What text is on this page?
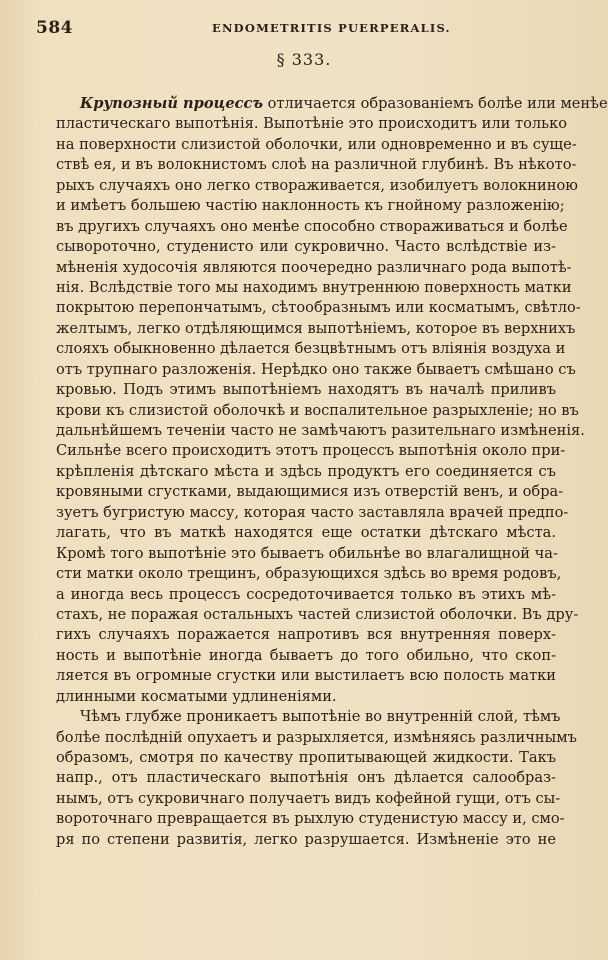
584	ENDOMETRITIS PUERPERALIS.
§ 333.
Крупозный процессъ отличается образованіемъ болѣе или менѣе
пластическаго выпотѣнія. Выпотѣніе это происходитъ или только
на поверхности слизистой оболочки, или одновременно и въ суще-
ствѣ ея, и въ волокнистомъ слоѣ на различной глубинѣ. Въ нѣкото-
рыхъ случаяхъ оно легко створаживается, изобилуетъ волокниною
и имѣетъ большею частію наклонность къ гнойному разложенію;
въ другихъ случаяхъ оно менѣе способно створаживаться и болѣе
сывороточно, студенисто или сукровично. Часто вслѣдствіе из-
мѣненія худосочія являются поочередно различнаго рода выпотѣ-
нія. Вслѣдствіе того мы находимъ внутреннюю поверхность матки
покрытою перепончатымъ, сѣтообразнымъ или косматымъ, свѣтло-
желтымъ, легко отдѣляющимся выпотѣніемъ, которое въ верхнихъ
слояхъ обыкновенно дѣлается безцвѣтнымъ отъ вліянія воздуха и
отъ трупнаго разложенія. Нерѣдко оно также бываетъ смѣшано съ
кровью. Подъ этимъ выпотѣніемъ находятъ въ началѣ приливъ
крови къ слизистой оболочкѣ и воспалительное разрыхленіе; но въ
дальнѣйшемъ теченіи часто не замѣчаютъ разительнаго измѣненія.
Сильнѣе всего происходитъ этотъ процессъ выпотѣнія около при-
крѣпленія дѣтскаго мѣста и здѣсь продуктъ его соединяется съ
кровяными сгустками, выдающимися изъ отверстій венъ, и обра-
зуетъ бугристую массу, которая часто заставляла врачей предпо-
лагать, что въ маткѣ находятся еще остатки дѣтскаго мѣста.
Кромѣ того выпотѣніе это бываетъ обильнѣе во влагалищной ча-
сти матки около трещинъ, образующихся здѣсь во время родовъ,
а иногда весь процессъ сосредоточивается только въ этихъ мѣ-
стахъ, не поражая остальныхъ частей слизистой оболочки. Въ дру-
гихъ случаяхъ поражается напротивъ вся внутренняя поверх-
ность и выпотѣніе иногда бываетъ до того обильно, что скоп-
ляется въ огромные сгустки или выстилаетъ всю полость матки
длинными косматыми удлиненіями.
Чѣмъ глубже проникаетъ выпотѣніе во внутренній слой, тѣмъ
болѣе послѣдній опухаетъ и разрыхляется, измѣняясь различнымъ
образомъ, смотря по качеству пропитывающей жидкости. Такъ
напр., отъ пластическаго выпотѣнія онъ дѣлается салообраз-
нымъ, отъ сукровичнаго получаетъ видъ кофейной гущи, отъ сы-
вороточнаго превращается въ рыхлую студенистую массу и, смо-
ря по степени развитія, легко разрушается. Измѣненіе это не
